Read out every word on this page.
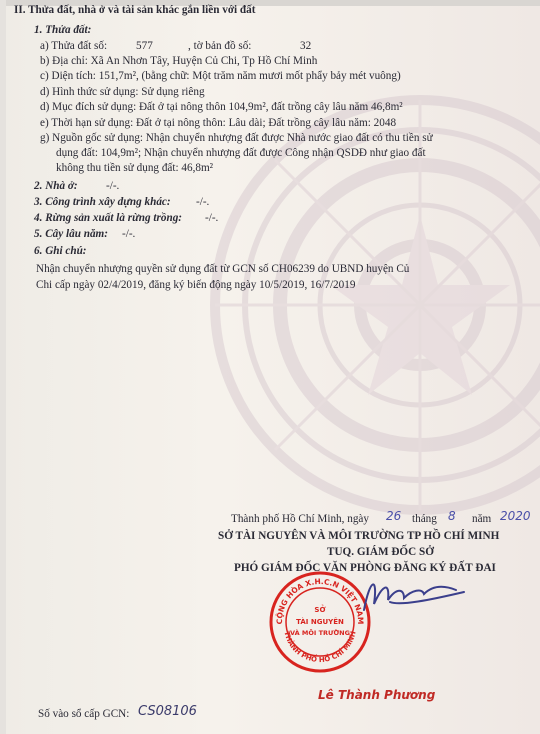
II. Thửa đất, nhà ở và tài sản khác gắn liền với đất
1. Thửa đất:
a) Thửa đất số:	577	, tờ bản đồ số:	32
b) Địa chỉ: Xã An Nhơn Tây, Huyện Củ Chi, Tp Hồ Chí Minh
c) Diện tích: 151,7m², (bằng chữ: Một trăm năm mươi mốt phẩy bảy mét vuông)
d) Hình thức sử dụng: Sử dụng riêng
d) Mục đích sử dụng: Đất ở tại nông thôn 104,9m², đất trồng cây lâu năm 46,8m²
e) Thời hạn sử dụng: Đất ở tại nông thôn: Lâu dài; Đất trồng cây lâu năm: 2048
g) Nguồn gốc sử dụng: Nhận chuyển nhượng đất được Nhà nước giao đất có thu tiền sử
dụng đất: 104,9m²; Nhận chuyển nhượng đất được Công nhận QSDĐ như giao đất
không thu tiền sử dụng đất: 46,8m²
2. Nhà ở:	-/-.
3. Công trình xây dựng khác: -/-.
4. Rừng sản xuất là rừng trồng: -/-.
5. Cây lâu năm: -/-.
6. Ghi chú:
Nhận chuyển nhượng quyền sử dụng đất từ GCN số CH06239 do UBND huyện Củ
Chi cấp ngày 02/4/2019, đăng ký biến động ngày 10/5/2019, 16/7/2019
Thành phố Hồ Chí Minh, ngày 26 tháng 8 năm 2020
SỞ TÀI NGUYÊN VÀ MÔI TRƯỜNG TP HỒ CHÍ MINH
TUQ. GIÁM ĐỐC SỞ
PHÓ GIÁM ĐỐC VĂN PHÒNG ĐĂNG KÝ ĐẤT ĐAI
CỘNG HÒA X.H.C.N VIỆT NAM
THÀNH PHỐ HỒ CHÍ MINH
SỞ
TÀI NGUYÊN
VÀ MÔI TRƯỜNG
Lê Thành Phương
Số vào sổ cấp GCN: CS08106
